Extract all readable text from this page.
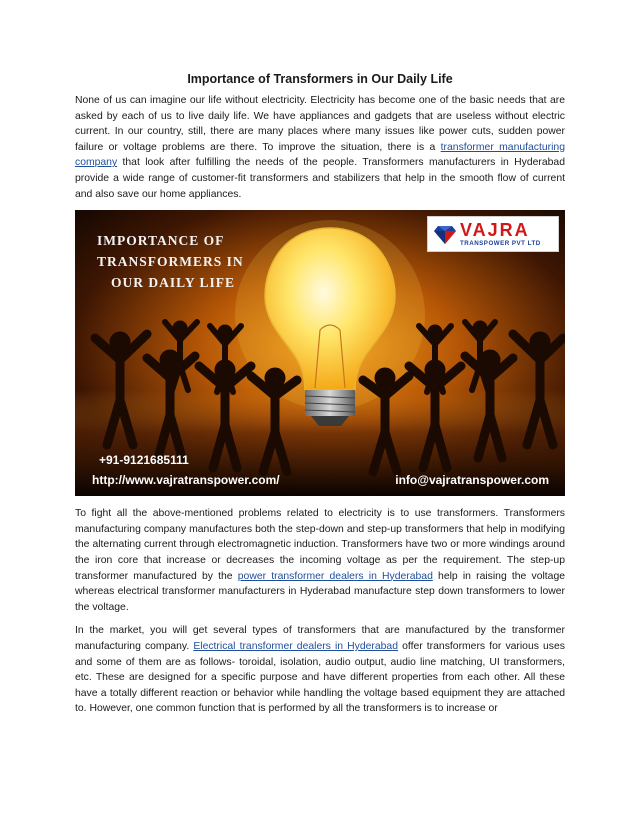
Importance of Transformers in Our Daily Life

None of us can imagine our life without electricity. Electricity has become one of the basic needs that are asked by each of us to live daily life. We have appliances and gadgets that are useless without electric current. In our country, still, there are many places where many issues like power cuts, sudden power failure or voltage problems are there. To improve the situation, there is a transformer manufacturing company that look after fulfilling the needs of the people. Transformers manufacturers in Hyderabad provide a wide range of customer-fit transformers and stabilizers that help in the smooth flow of current and also save our home appliances.

IMPORTANCE OF
TRANSFORMERS IN
OUR DAILY LIFE
VAJRA
TRANSPOWER PVT LTD
+91-9121685111
http://www.vajratranspower.com/	info@vajratranspower.com

To fight all the above-mentioned problems related to electricity is to use transformers. Transformers manufacturing company manufactures both the step-down and step-up transformers that help in modifying the alternating current through electromagnetic induction. Transformers have two or more windings around the iron core that increase or decreases the incoming voltage as per the requirement. The step-up transformer manufactured by the power transformer dealers in Hyderabad help in raising the voltage whereas electrical transformer manufacturers in Hyderabad manufacture step down transformers to lower the voltage.

In the market, you will get several types of transformers that are manufactured by the transformer manufacturing company. Electrical transformer dealers in Hyderabad offer transformers for various uses and some of them are as follows- toroidal, isolation, audio output, audio line matching, UI transformers, etc. These are designed for a specific purpose and have different properties from each other. All these have a totally different reaction or behavior while handling the voltage based equipment they are attached to. However, one common function that is performed by all the transformers is to increase or
